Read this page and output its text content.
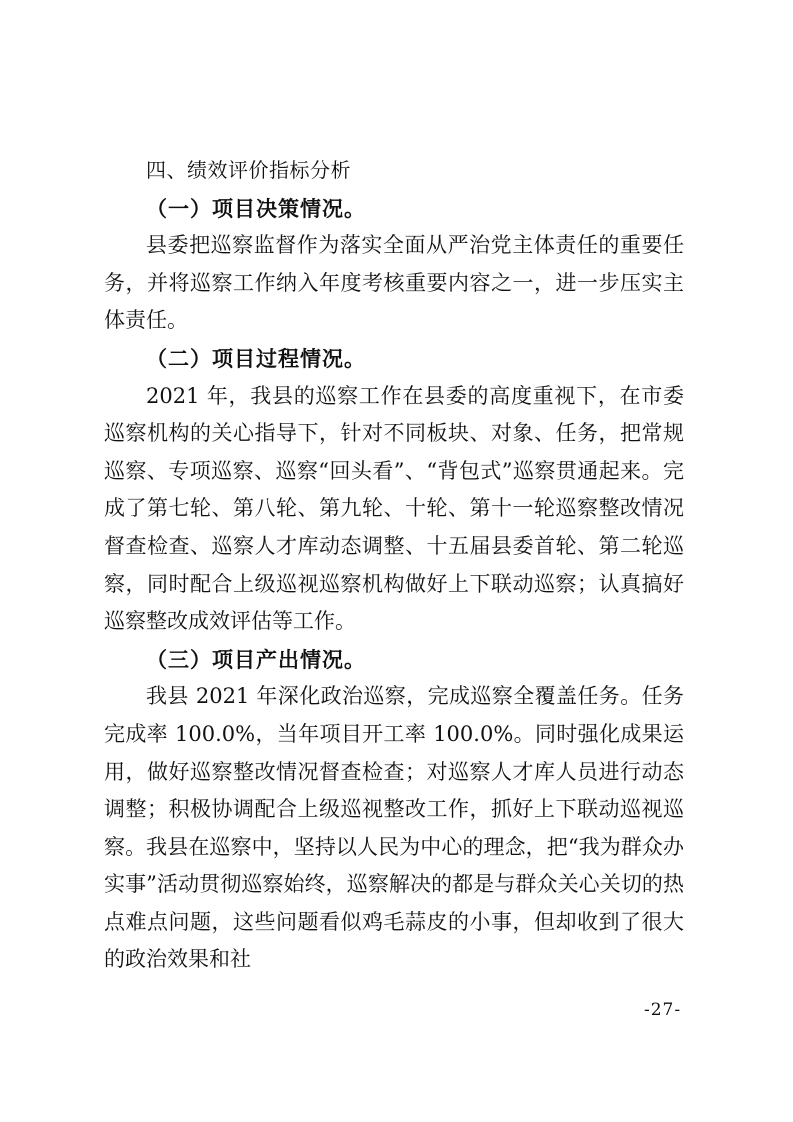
四、绩效评价指标分析

（一）项目决策情况。

县委把巡察监督作为落实全面从严治党主体责任的重要任务，并将巡察工作纳入年度考核重要内容之一，进一步压实主体责任。

（二）项目过程情况。

2021 年，我县的巡察工作在县委的高度重视下，在市委巡察机构的关心指导下，针对不同板块、对象、任务，把常规巡察、专项巡察、巡察“回头看”、“背包式”巡察贯通起来。完成了第七轮、第八轮、第九轮、十轮、第十一轮巡察整改情况督查检查、巡察人才库动态调整、十五届县委首轮、第二轮巡察，同时配合上级巡视巡察机构做好上下联动巡察；认真搞好巡察整改成效评估等工作。

（三）项目产出情况。

我县 2021 年深化政治巡察，完成巡察全覆盖任务。任务完成率 100.0%，当年项目开工率 100.0%。同时强化成果运用，做好巡察整改情况督查检查；对巡察人才库人员进行动态调整；积极协调配合上级巡视整改工作，抓好上下联动巡视巡察。我县在巡察中，坚持以人民为中心的理念，把“我为群众办实事”活动贯彻巡察始终，巡察解决的都是与群众关心关切的热点难点问题，这些问题看似鸡毛蒜皮的小事，但却收到了很大的政治效果和社

-27-
